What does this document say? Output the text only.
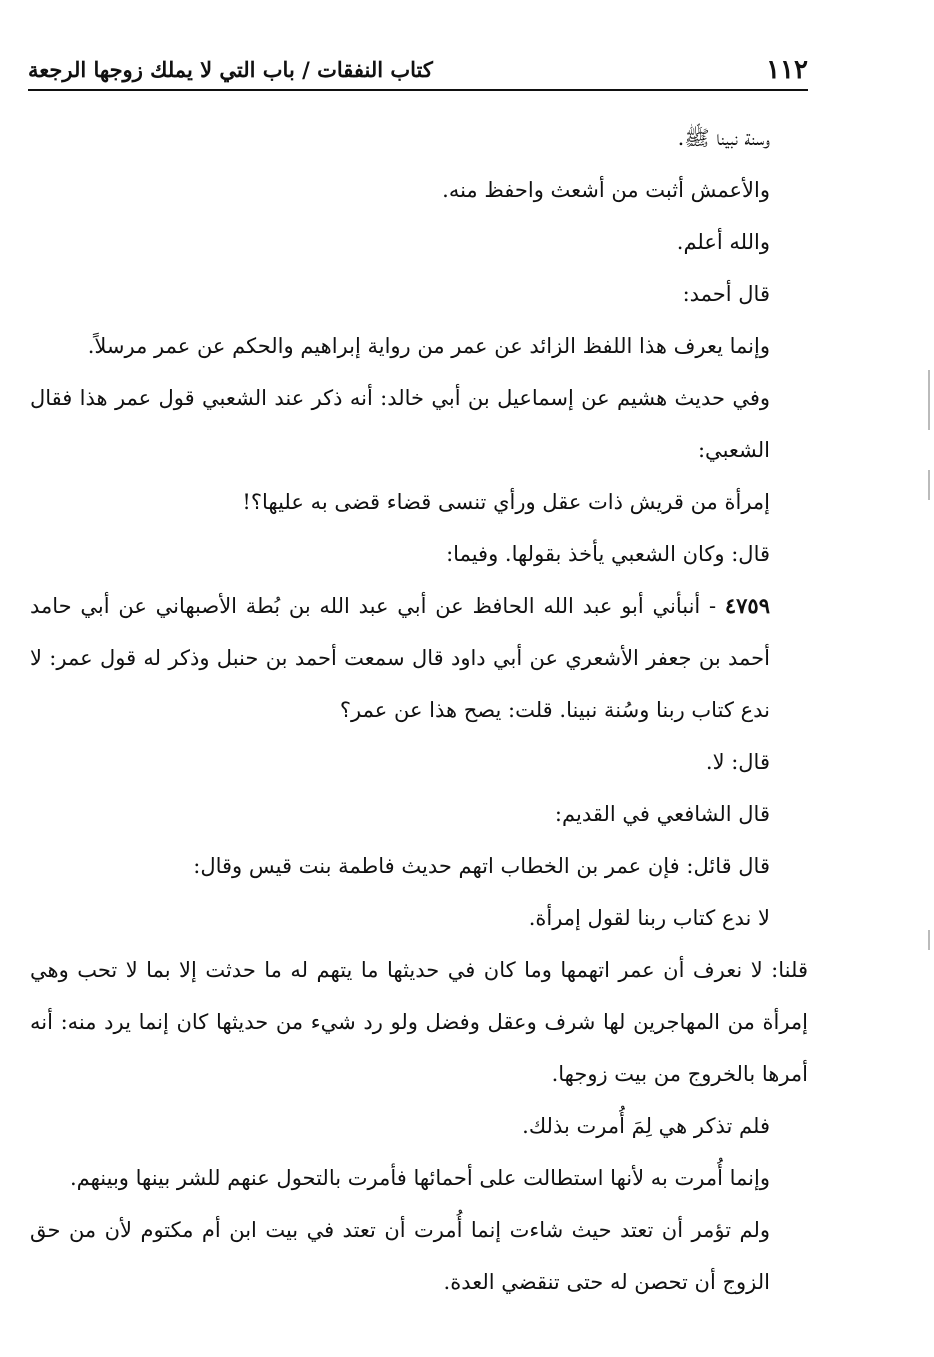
١١٢
كتاب النفقات / باب التي لا يملك زوجها الرجعة

وسنة نبينا ﷺ.

والأعمش أثبت من أشعث واحفظ منه.

والله أعلم.

قال أحمد:

وإنما يعرف هذا اللفظ الزائد عن عمر من رواية إبراهيم والحكم عن عمر مرسلاً.

وفي حديث هشيم عن إسماعيل بن أبي خالد: أنه ذكر عند الشعبي قول عمر هذا فقال الشعبي:

إمرأة من قريش ذات عقل ورأي تنسى قضاء قضى به عليها؟!

قال: وكان الشعبي يأخذ بقولها. وفيما:

٤٧٥٩ - أنبأني أبو عبد الله الحافظ عن أبي عبد الله بن بُطة الأصبهاني عن أبي حامد أحمد بن جعفر الأشعري عن أبي داود قال سمعت أحمد بن حنبل وذكر له قول عمر: لا ندع كتاب ربنا وسُنة نبينا. قلت: يصح هذا عن عمر؟

قال: لا.

قال الشافعي في القديم:

قال قائل: فإن عمر بن الخطاب اتهم حديث فاطمة بنت قيس وقال:

لا ندع كتاب ربنا لقول إمرأة.

قلنا: لا نعرف أن عمر اتهمها وما كان في حديثها ما يتهم له ما حدثت إلا بما لا تحب وهي إمرأة من المهاجرين لها شرف وعقل وفضل ولو رد شيء من حديثها كان إنما يرد منه: أنه أمرها بالخروج من بيت زوجها.

فلم تذكر هي لِمَ أُمرت بذلك.

وإنما أُمرت به لأنها استطالت على أحمائها فأمرت بالتحول عنهم للشر بينها وبينهم.

ولم تؤمر أن تعتد حيث شاءت إنما أُمرت أن تعتد في بيت ابن أم مكتوم لأن من حق الزوج أن تحصن له حتى تنقضي العدة.
